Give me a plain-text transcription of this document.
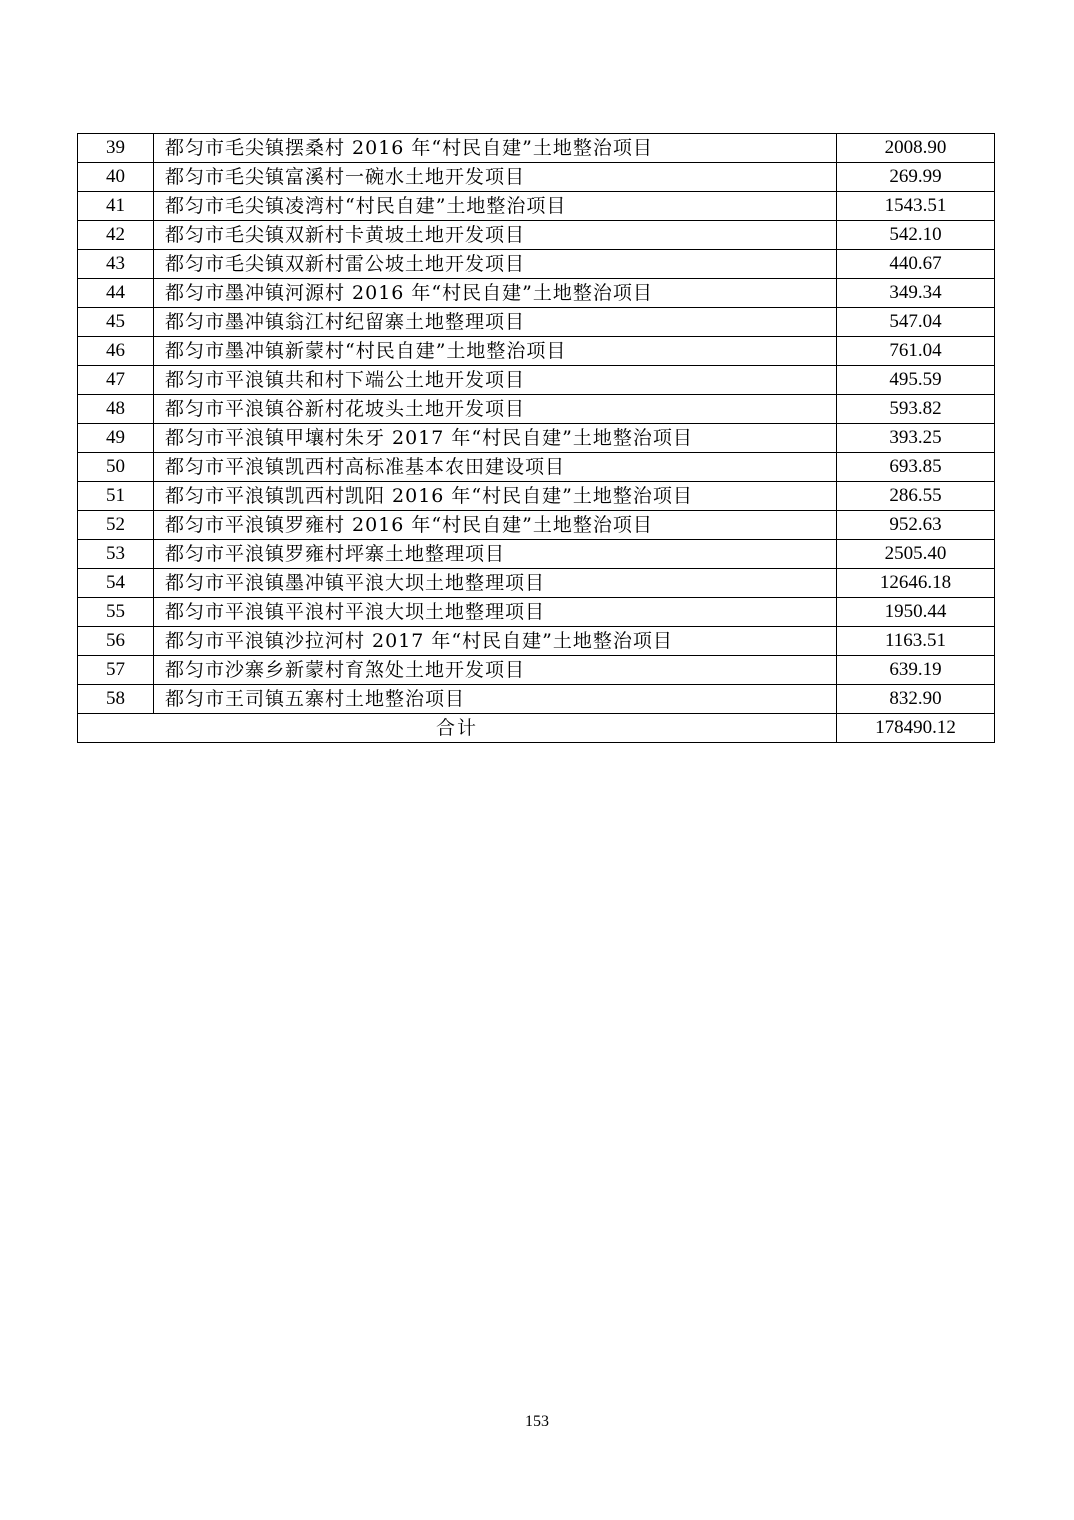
39	都匀市毛尖镇摆桑村 2016 年“村民自建”土地整治项目	2008.90
40	都匀市毛尖镇富溪村一碗水土地开发项目	269.99
41	都匀市毛尖镇凌湾村“村民自建”土地整治项目	1543.51
42	都匀市毛尖镇双新村卡黄坡土地开发项目	542.10
43	都匀市毛尖镇双新村雷公坡土地开发项目	440.67
44	都匀市墨冲镇河源村 2016 年“村民自建”土地整治项目	349.34
45	都匀市墨冲镇翁江村纪留寨土地整理项目	547.04
46	都匀市墨冲镇新蒙村“村民自建”土地整治项目	761.04
47	都匀市平浪镇共和村下端公土地开发项目	495.59
48	都匀市平浪镇谷新村花坡头土地开发项目	593.82
49	都匀市平浪镇甲壤村朱牙 2017 年“村民自建”土地整治项目	393.25
50	都匀市平浪镇凯西村高标准基本农田建设项目	693.85
51	都匀市平浪镇凯西村凯阳 2016 年“村民自建”土地整治项目	286.55
52	都匀市平浪镇罗雍村 2016 年“村民自建”土地整治项目	952.63
53	都匀市平浪镇罗雍村坪寨土地整理项目	2505.40
54	都匀市平浪镇墨冲镇平浪大坝土地整理项目	12646.18
55	都匀市平浪镇平浪村平浪大坝土地整理项目	1950.44
56	都匀市平浪镇沙拉河村 2017 年“村民自建”土地整治项目	1163.51
57	都匀市沙寨乡新蒙村育煞处土地开发项目	639.19
58	都匀市王司镇五寨村土地整治项目	832.90
合计		178490.12
153
